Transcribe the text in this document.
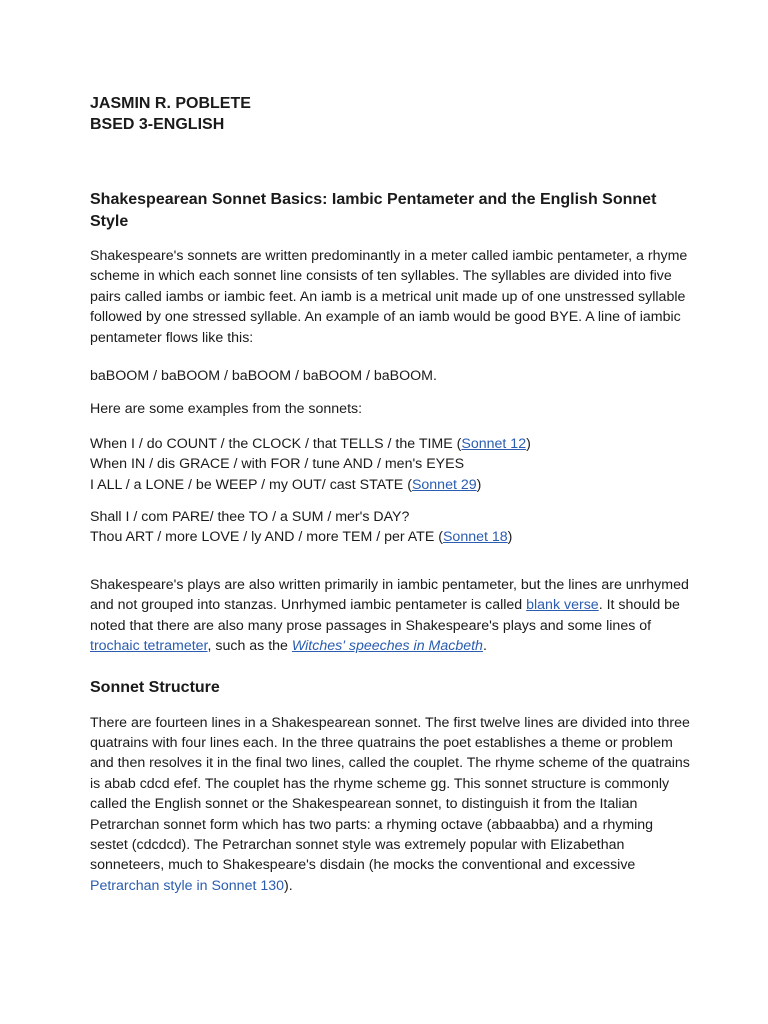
JASMIN R. POBLETE
BSED 3-ENGLISH
Shakespearean Sonnet Basics: Iambic Pentameter and the English Sonnet Style

Shakespeare's sonnets are written predominantly in a meter called iambic pentameter, a rhyme scheme in which each sonnet line consists of ten syllables. The syllables are divided into five pairs called iambs or iambic feet. An iamb is a metrical unit made up of one unstressed syllable followed by one stressed syllable. An example of an iamb would be good BYE. A line of iambic pentameter flows like this:

baBOOM / baBOOM / baBOOM / baBOOM / baBOOM.

Here are some examples from the sonnets:

When I / do COUNT / the CLOCK / that TELLS / the TIME (Sonnet 12)
When IN / dis GRACE / with FOR / tune AND / men's EYES
I ALL / a LONE / be WEEP / my OUT/ cast STATE (Sonnet 29)

Shall I / com PARE/ thee TO / a SUM / mer's DAY?
Thou ART / more LOVE / ly AND / more TEM / per ATE (Sonnet 18)

Shakespeare's plays are also written primarily in iambic pentameter, but the lines are unrhymed and not grouped into stanzas. Unrhymed iambic pentameter is called blank verse. It should be noted that there are also many prose passages in Shakespeare's plays and some lines of trochaic tetrameter, such as the Witches' speeches in Macbeth.

Sonnet Structure

There are fourteen lines in a Shakespearean sonnet. The first twelve lines are divided into three quatrains with four lines each. In the three quatrains the poet establishes a theme or problem and then resolves it in the final two lines, called the couplet. The rhyme scheme of the quatrains is abab cdcd efef. The couplet has the rhyme scheme gg. This sonnet structure is commonly called the English sonnet or the Shakespearean sonnet, to distinguish it from the Italian Petrarchan sonnet form which has two parts: a rhyming octave (abbaabba) and a rhyming sestet (cdcdcd). The Petrarchan sonnet style was extremely popular with Elizabethan sonneteers, much to Shakespeare's disdain (he mocks the conventional and excessive Petrarchan style in Sonnet 130).
